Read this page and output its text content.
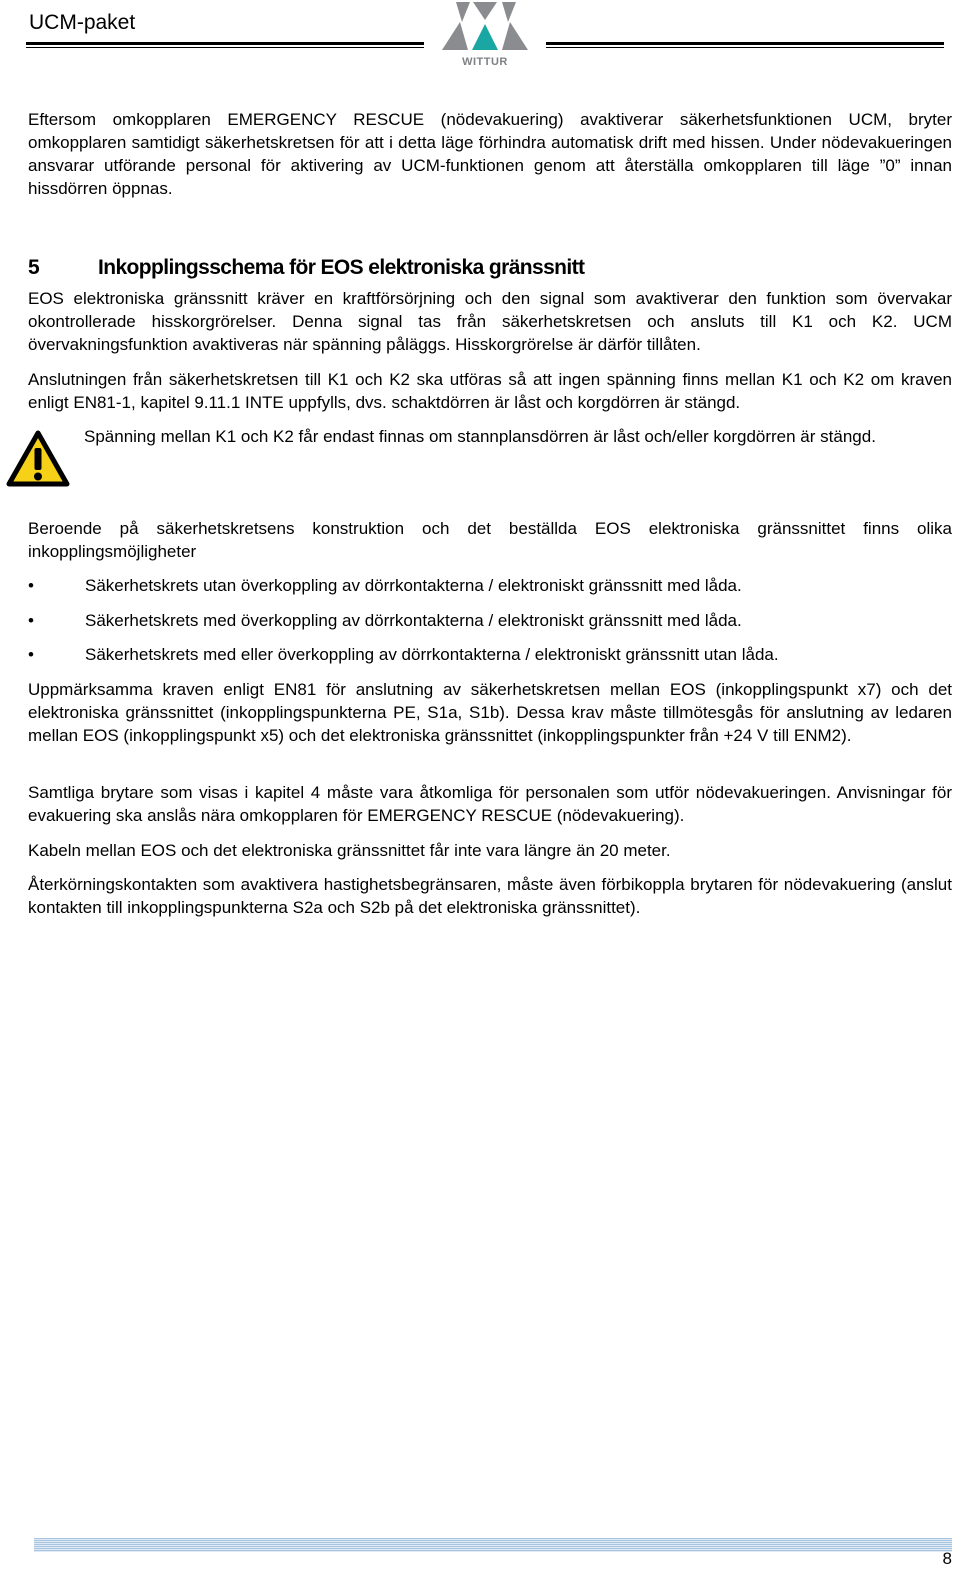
UCM-paket
WITTUR
Eftersom omkopplaren EMERGENCY RESCUE (nödevakuering) avaktiverar säkerhetsfunktionen UCM, bryter omkopplaren samtidigt säkerhetskretsen för att i detta läge förhindra automatisk drift med hissen. Under nödevakueringen ansvarar utförande personal för aktivering av UCM-funktionen genom att återställa omkopplaren till läge ”0” innan hissdörren öppnas.
5	Inkopplingsschema för EOS elektroniska gränssnitt
EOS elektroniska gränssnitt kräver en kraftförsörjning och den signal som avaktiverar den funktion som övervakar okontrollerade hisskorgrörelser. Denna signal tas från säkerhetskretsen och ansluts till K1 och K2. UCM övervakningsfunktion avaktiveras när spänning påläggs. Hisskorgrörelse är därför tillåten.
Anslutningen från säkerhetskretsen till K1 och K2 ska utföras så att ingen spänning finns mellan K1 och K2 om kraven enligt EN81-1, kapitel 9.11.1 INTE uppfylls, dvs. schaktdörren är låst och korgdörren är stängd.
Spänning mellan K1 och K2 får endast finnas om stannplansdörren är låst och/eller korgdörren är stängd.
Beroende på säkerhetskretsens konstruktion och det beställda EOS elektroniska gränssnittet finns olika inkopplingsmöjligheter
•	Säkerhetskrets utan överkoppling av dörrkontakterna / elektroniskt gränssnitt med låda.
•	Säkerhetskrets med överkoppling av dörrkontakterna / elektroniskt gränssnitt med låda.
•	Säkerhetskrets med eller överkoppling av dörrkontakterna / elektroniskt gränssnitt utan låda.
Uppmärksamma kraven enligt EN81 för anslutning av säkerhetskretsen mellan EOS (inkopplingspunkt x7) och det elektroniska gränssnittet (inkopplingspunkterna PE, S1a, S1b). Dessa krav måste tillmötesgås för anslutning av ledaren mellan EOS (inkopplingspunkt x5) och det elektroniska gränssnittet (inkopplingspunkter från +24 V till ENM2).
Samtliga brytare som visas i kapitel 4 måste vara åtkomliga för personalen som utför nödevakueringen. Anvisningar för evakuering ska anslås nära omkopplaren för EMERGENCY RESCUE (nödevakuering).
Kabeln mellan EOS och det elektroniska gränssnittet får inte vara längre än 20 meter.
Återkörningskontakten som avaktivera hastighetsbegränsaren, måste även förbikoppla brytaren för nödevakuering (anslut kontakten till inkopplingspunkterna S2a och S2b på det elektroniska gränssnittet).
8
